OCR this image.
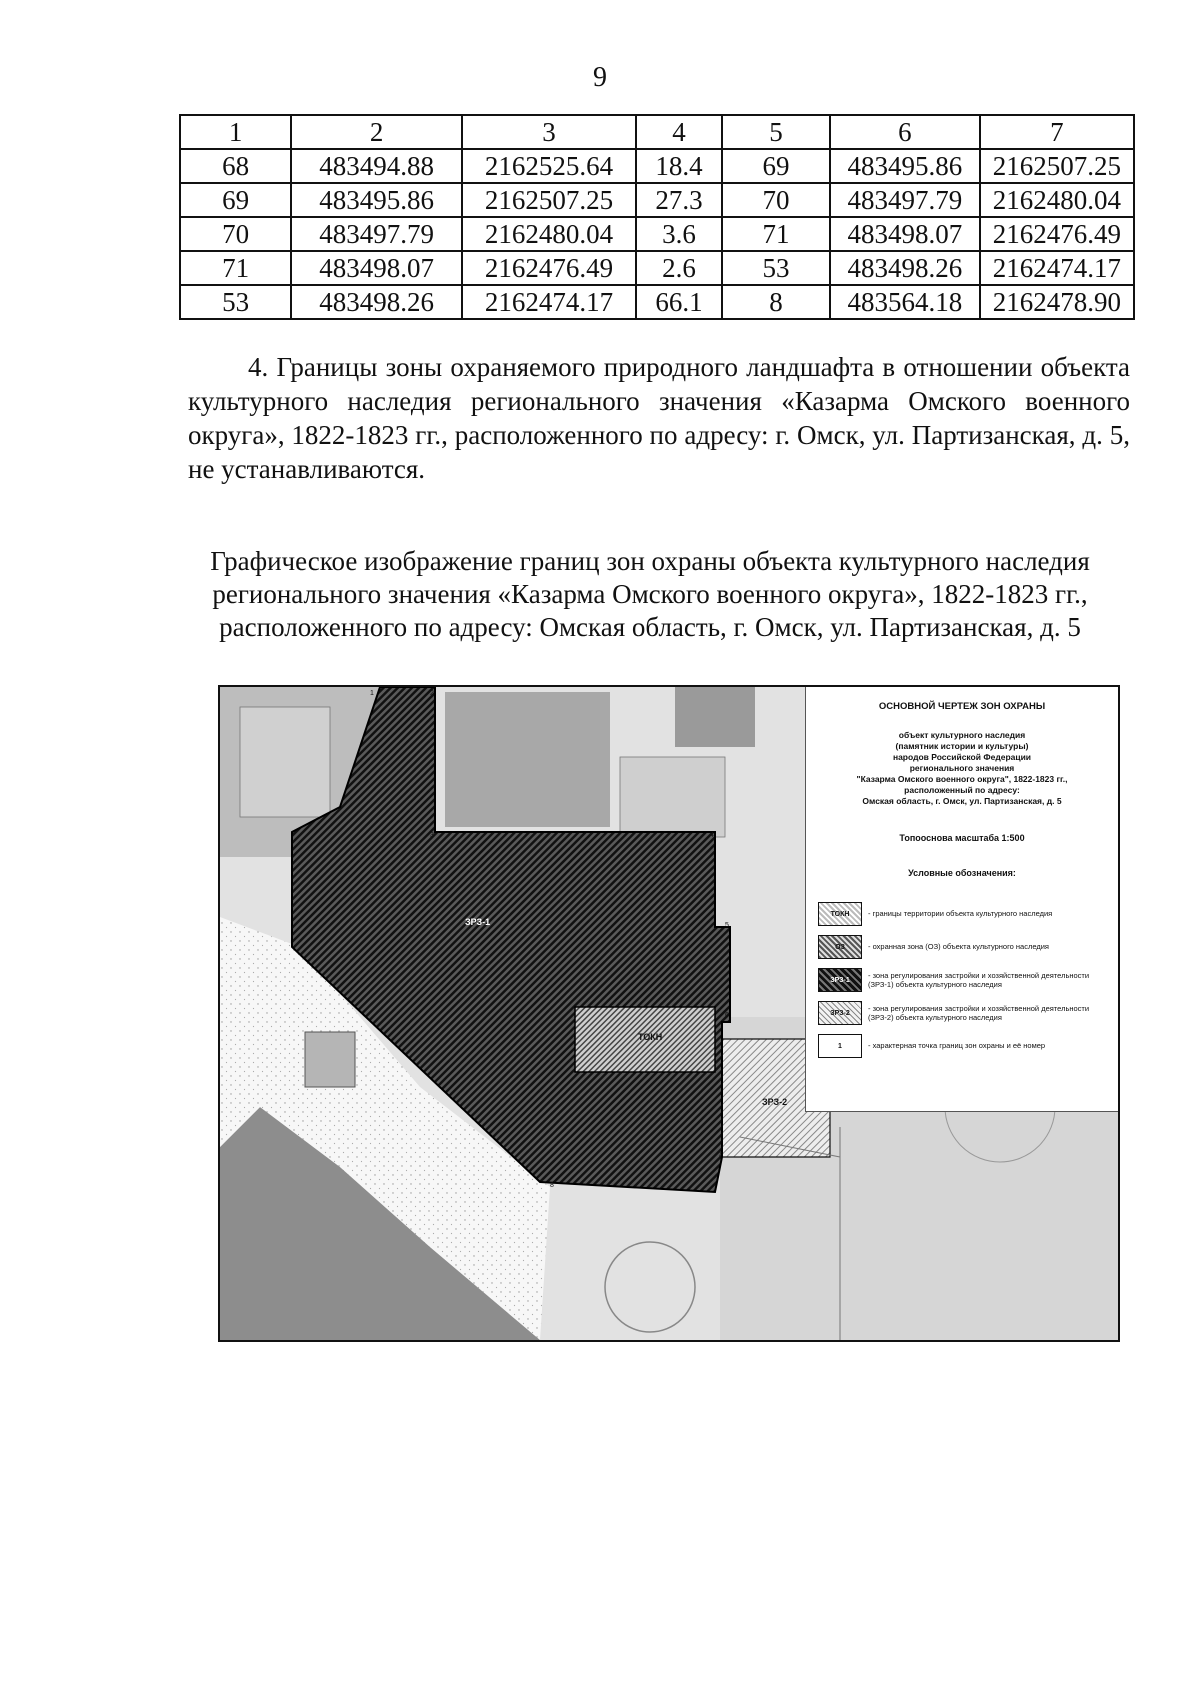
9
1	2	3	4	5	6	7
68	483494.88	2162525.64	18.4	69	483495.86	2162507.25
69	483495.86	2162507.25	27.3	70	483497.79	2162480.04
70	483497.79	2162480.04	3.6	71	483498.07	2162476.49
71	483498.07	2162476.49	2.6	53	483498.26	2162474.17
53	483498.26	2162474.17	66.1	8	483564.18	2162478.90

4. Границы зоны охраняемого природного ландшафта в отношении объекта культурного наследия регионального значения «Казарма Омского военного округа», 1822-1823 гг., расположенного по адресу: г. Омск, ул. Партизанская, д. 5, не устанавливаются.

Графическое изображение границ зон охраны объекта культурного наследия
регионального значения «Казарма Омского военного округа», 1822-1823 гг.,
расположенного по адресу: Омская область, г. Омск, ул. Партизанская, д. 5
1	2
3	4
5
6
7
8
ЗРЗ-1
ТОКН
ЗРЗ-2
ОСНОВНОЙ ЧЕРТЕЖ ЗОН ОХРАНЫ
объект культурного наследия
(памятник истории и культуры)
народов Российской Федерации
регионального значения
"Казарма Омского военного округа", 1822-1823 гг.,
расположенный по адресу:
Омская область, г. Омск, ул. Партизанская, д. 5
Топооснова масштаба 1:500
Условные обозначения:
ТОКН	- границы территории объекта культурного наследия
ОЗ	- охранная зона (ОЗ) объекта культурного наследия
ЗРЗ-1
- зона регулирования застройки и хозяйственной деятельности (ЗРЗ-1) объекта культурного наследия
ЗРЗ-2
- зона регулирования застройки и хозяйственной деятельности (ЗРЗ-2) объекта культурного наследия
1	- характерная точка границ зон охраны и её номер
